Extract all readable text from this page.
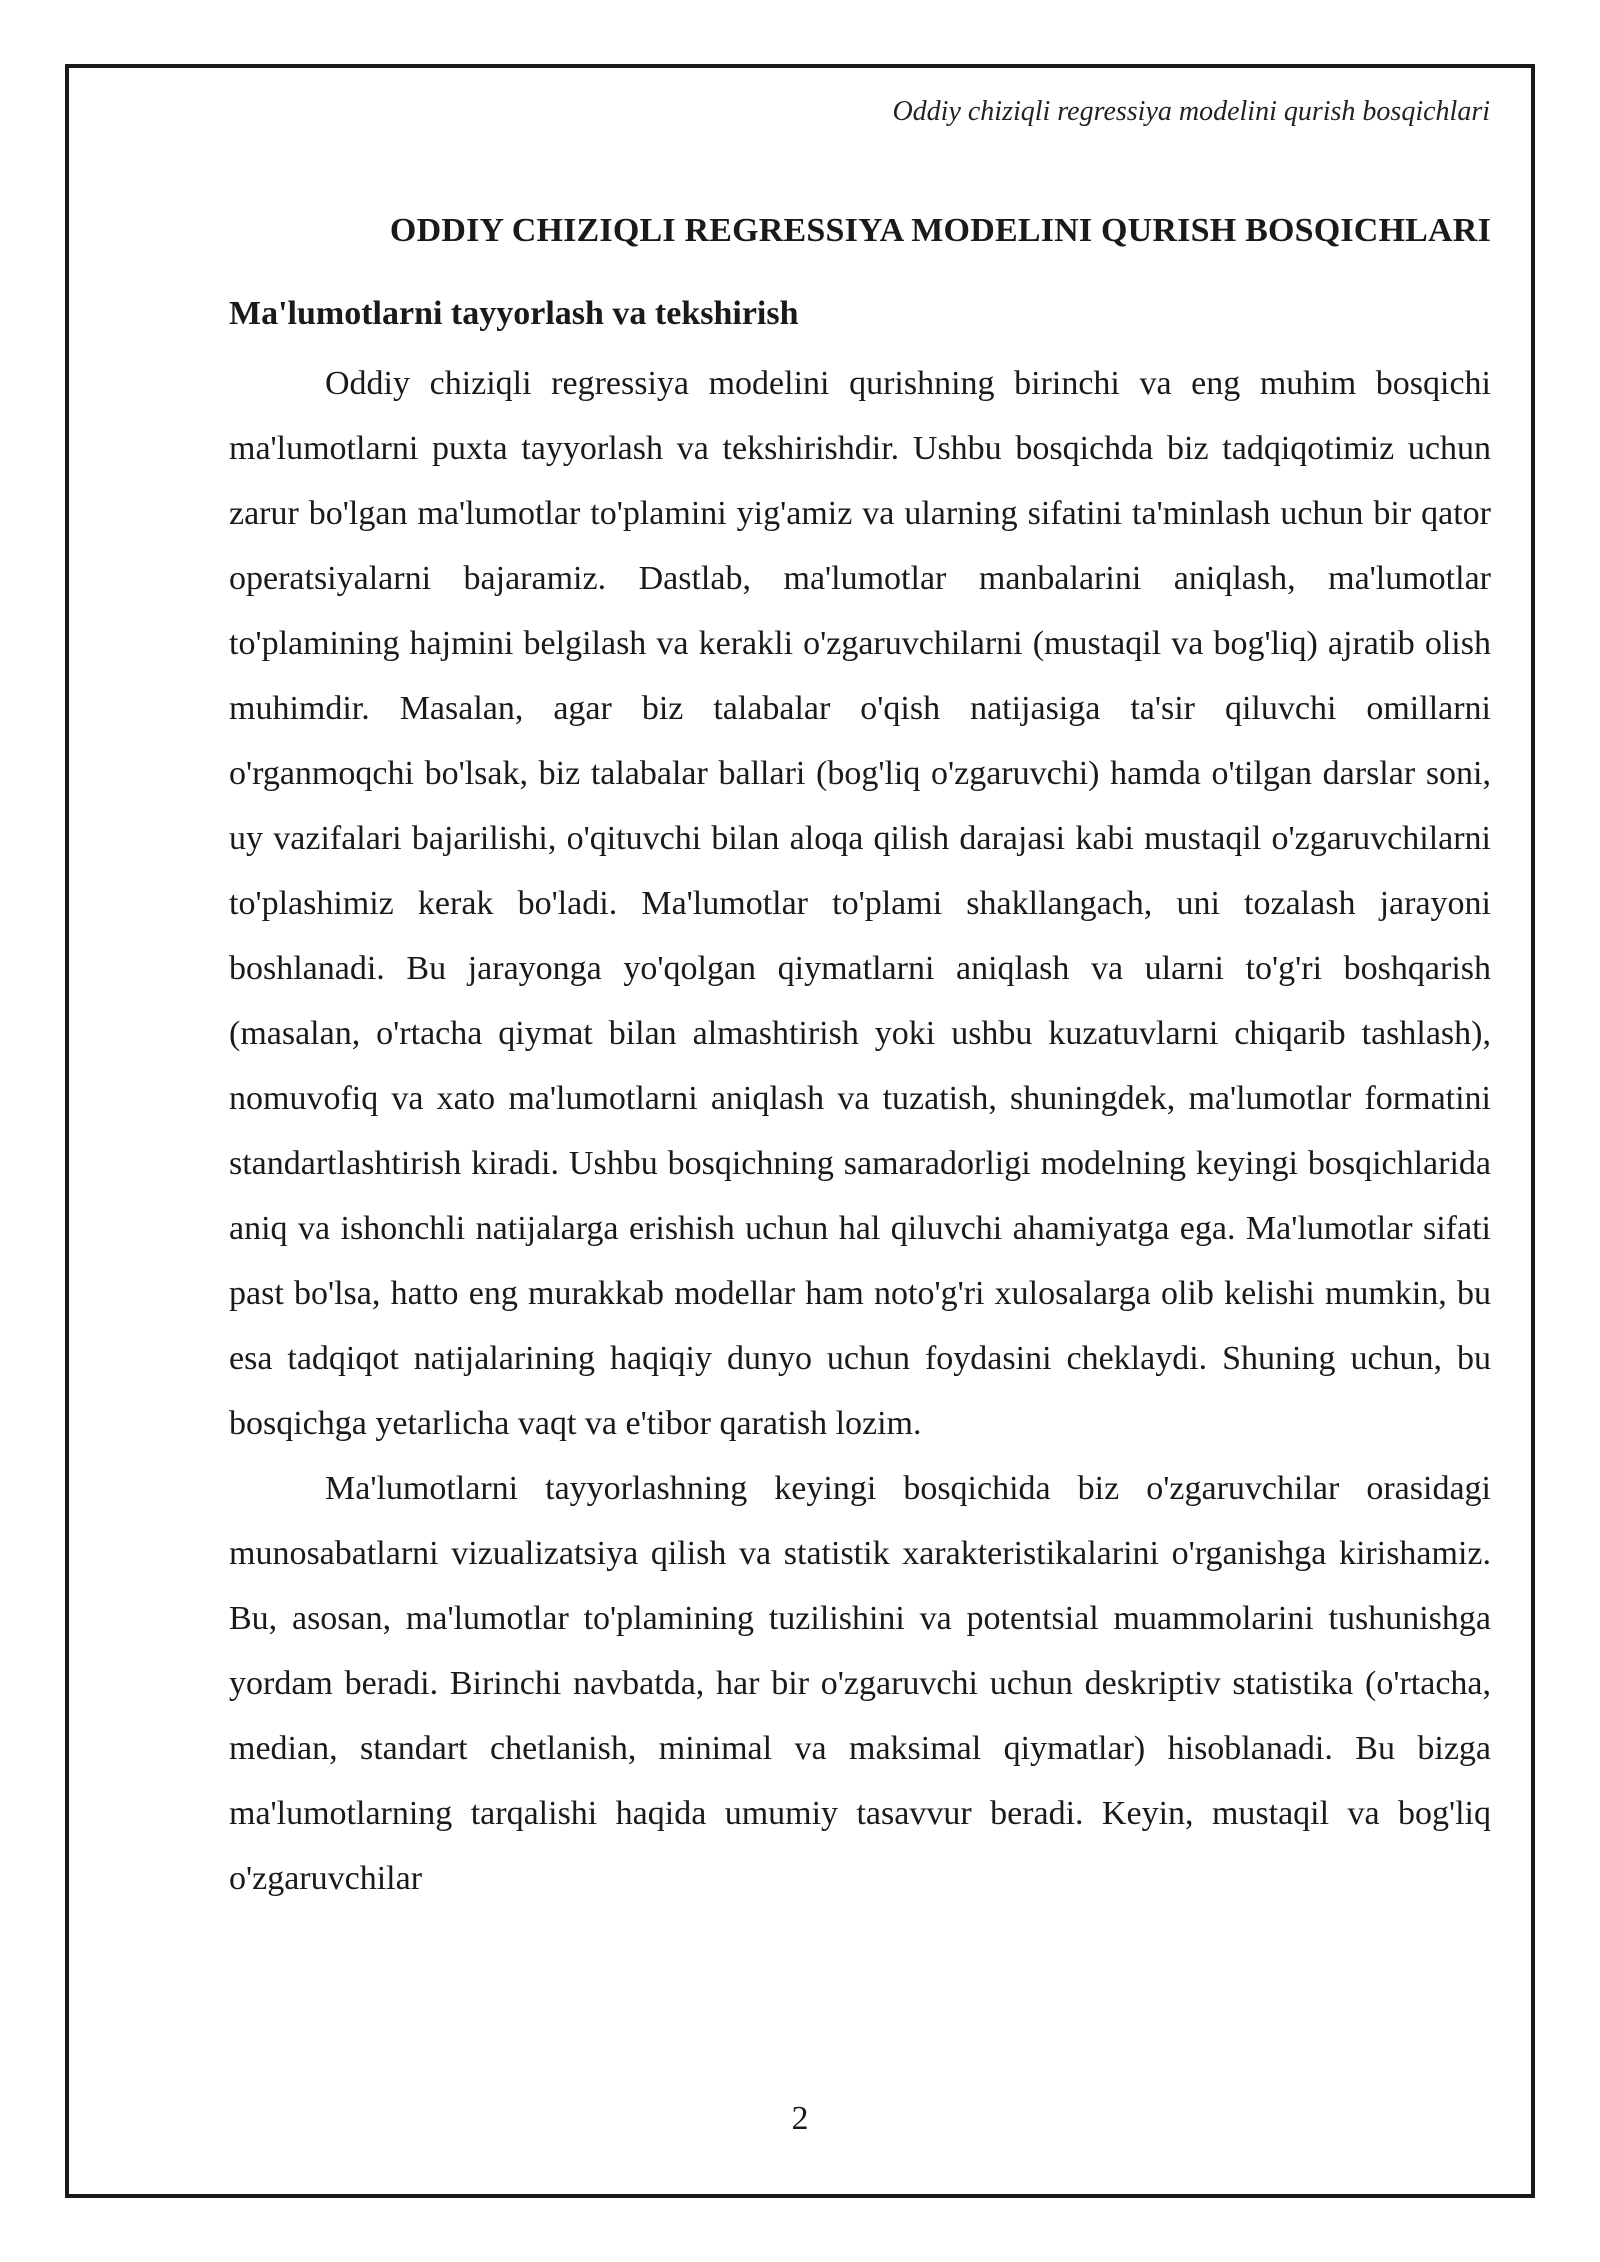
Oddiy chiziqli regressiya modelini qurish bosqichlari
ODDIY CHIZIQLI REGRESSIYA MODELINI QURISH BOSQICHLARI
Ma'lumotlarni tayyorlash va tekshirish

Oddiy chiziqli regressiya modelini qurishning birinchi va eng muhim bosqichi ma'lumotlarni puxta tayyorlash va tekshirishdir. Ushbu bosqichda biz tadqiqotimiz uchun zarur bo'lgan ma'lumotlar to'plamini yig'amiz va ularning sifatini ta'minlash uchun bir qator operatsiyalarni bajaramiz. Dastlab, ma'lumotlar manbalarini aniqlash, ma'lumotlar to'plamining hajmini belgilash va kerakli o'zgaruvchilarni (mustaqil va bog'liq) ajratib olish muhimdir. Masalan, agar biz talabalar o'qish natijasiga ta'sir qiluvchi omillarni o'rganmoqchi bo'lsak, biz talabalar ballari (bog'liq o'zgaruvchi) hamda o'tilgan darslar soni, uy vazifalari bajarilishi, o'qituvchi bilan aloqa qilish darajasi kabi mustaqil o'zgaruvchilarni to'plashimiz kerak bo'ladi. Ma'lumotlar to'plami shakllangach, uni tozalash jarayoni boshlanadi. Bu jarayonga yo'qolgan qiymatlarni aniqlash va ularni to'g'ri boshqarish (masalan, o'rtacha qiymat bilan almashtirish yoki ushbu kuzatuvlarni chiqarib tashlash), nomuvofiq va xato ma'lumotlarni aniqlash va tuzatish, shuningdek, ma'lumotlar formatini standartlashtirish kiradi. Ushbu bosqichning samaradorligi modelning keyingi bosqichlarida aniq va ishonchli natijalarga erishish uchun hal qiluvchi ahamiyatga ega. Ma'lumotlar sifati past bo'lsa, hatto eng murakkab modellar ham noto'g'ri xulosalarga olib kelishi mumkin, bu esa tadqiqot natijalarining haqiqiy dunyo uchun foydasini cheklaydi. Shuning uchun, bu bosqichga yetarlicha vaqt va e'tibor qaratish lozim.

Ma'lumotlarni tayyorlashning keyingi bosqichida biz o'zgaruvchilar orasidagi munosabatlarni vizualizatsiya qilish va statistik xarakteristikalarini o'rganishga kirishamiz. Bu, asosan, ma'lumotlar to'plamining tuzilishini va potentsial muammolarini tushunishga yordam beradi. Birinchi navbatda, har bir o'zgaruvchi uchun deskriptiv statistika (o'rtacha, median, standart chetlanish, minimal va maksimal qiymatlar) hisoblanadi. Bu bizga ma'lumotlarning tarqalishi haqida umumiy tasavvur beradi. Keyin, mustaqil va bog'liq o'zgaruvchilar

2
